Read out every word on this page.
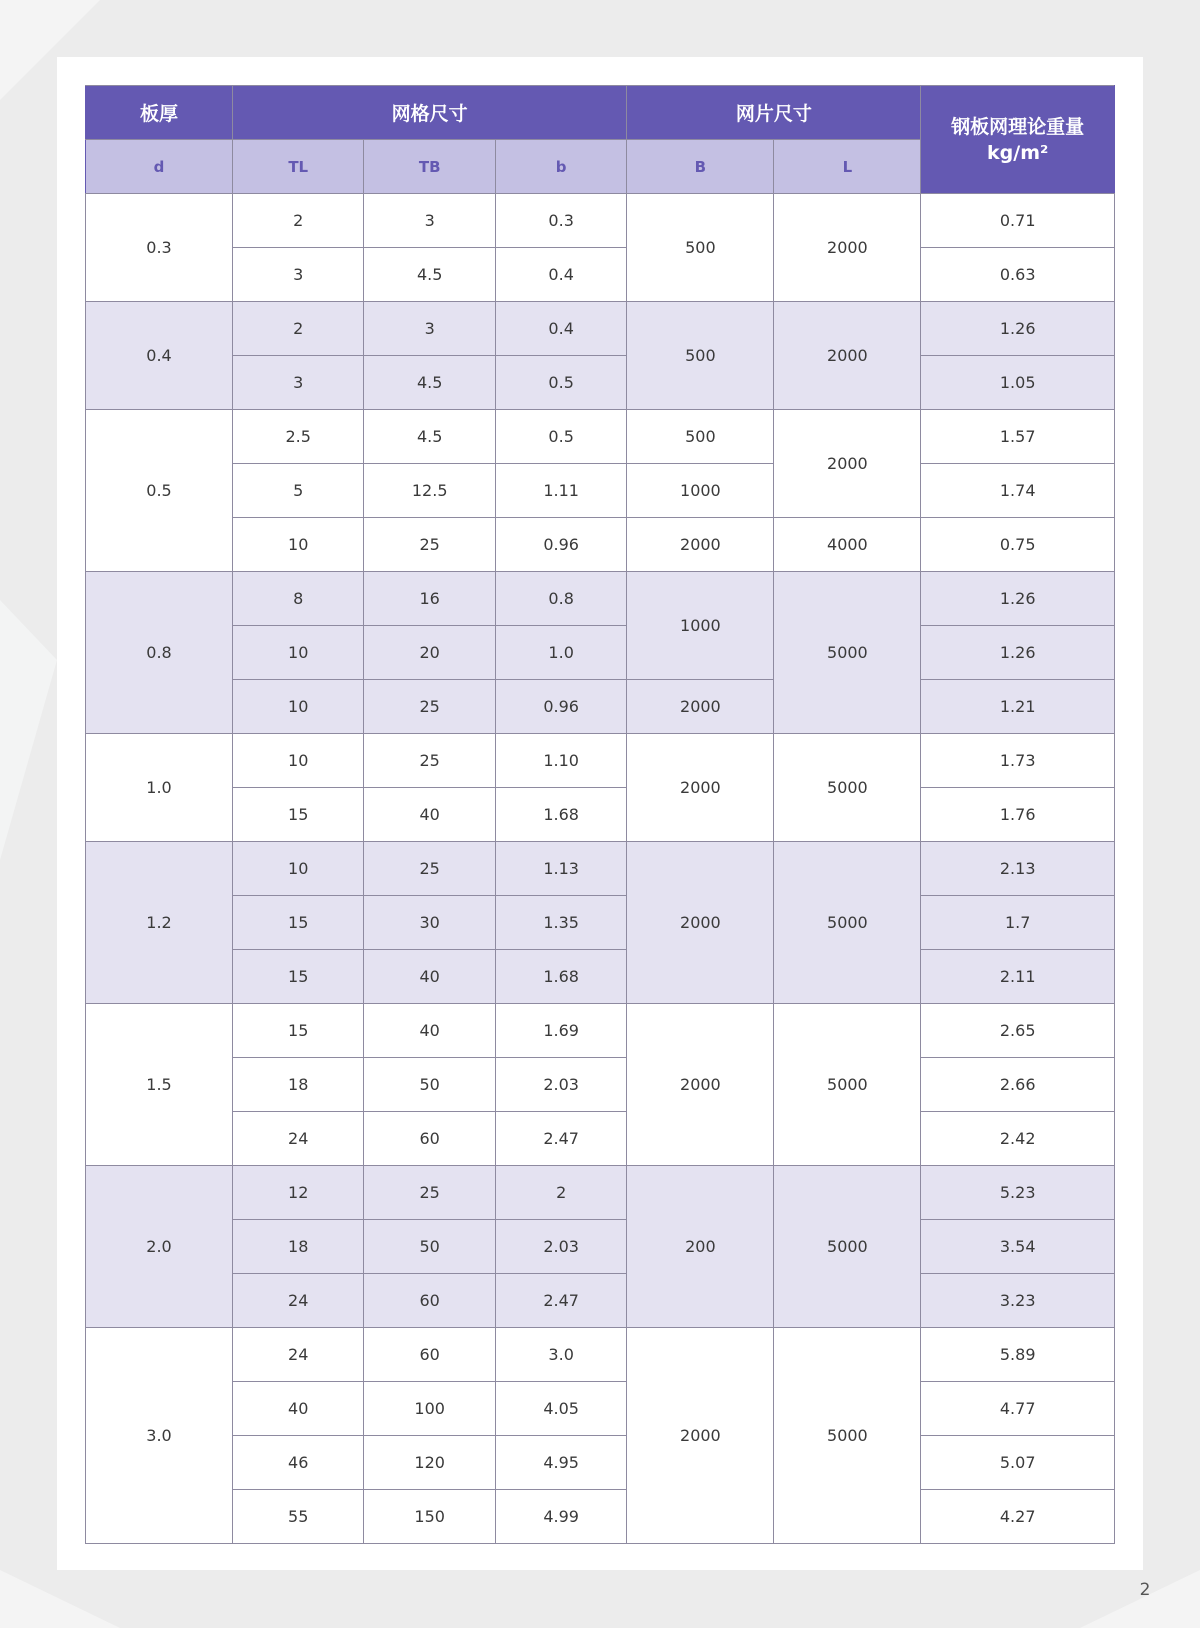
板厚	网格尺寸			网片尺寸		钢板网理论重量
kg/m²

d	TL	TB	b	B	L	
0.3	2	3	0.3	500	2000	0.71
	3	4.5	0.4			0.63
0.4	2	3	0.4	500	2000	1.26
	3	4.5	0.5			1.05
0.5	2.5	4.5	0.5	500	2000	1.57
	5	12.5	1.11	1000		1.74
	10	25	0.96	2000	4000	0.75
0.8	8	16	0.8	1000	5000	1.26
	10	20	1.0			1.26
	10	25	0.96	2000		1.21
1.0	10	25	1.10	2000	5000	1.73
	15	40	1.68			1.76
1.2	10	25	1.13	2000	5000	2.13
	15	30	1.35			1.7
	15	40	1.68			2.11
1.5	15	40	1.69	2000	5000	2.65
	18	50	2.03			2.66
	24	60	2.47			2.42
2.0	12	25	2	200	5000	5.23
	18	50	2.03			3.54
	24	60	2.47			3.23
3.0	24	60	3.0	2000	5000	5.89
	40	100	4.05			4.77
	46	120	4.95			5.07
	55	150	4.99			4.27
2
